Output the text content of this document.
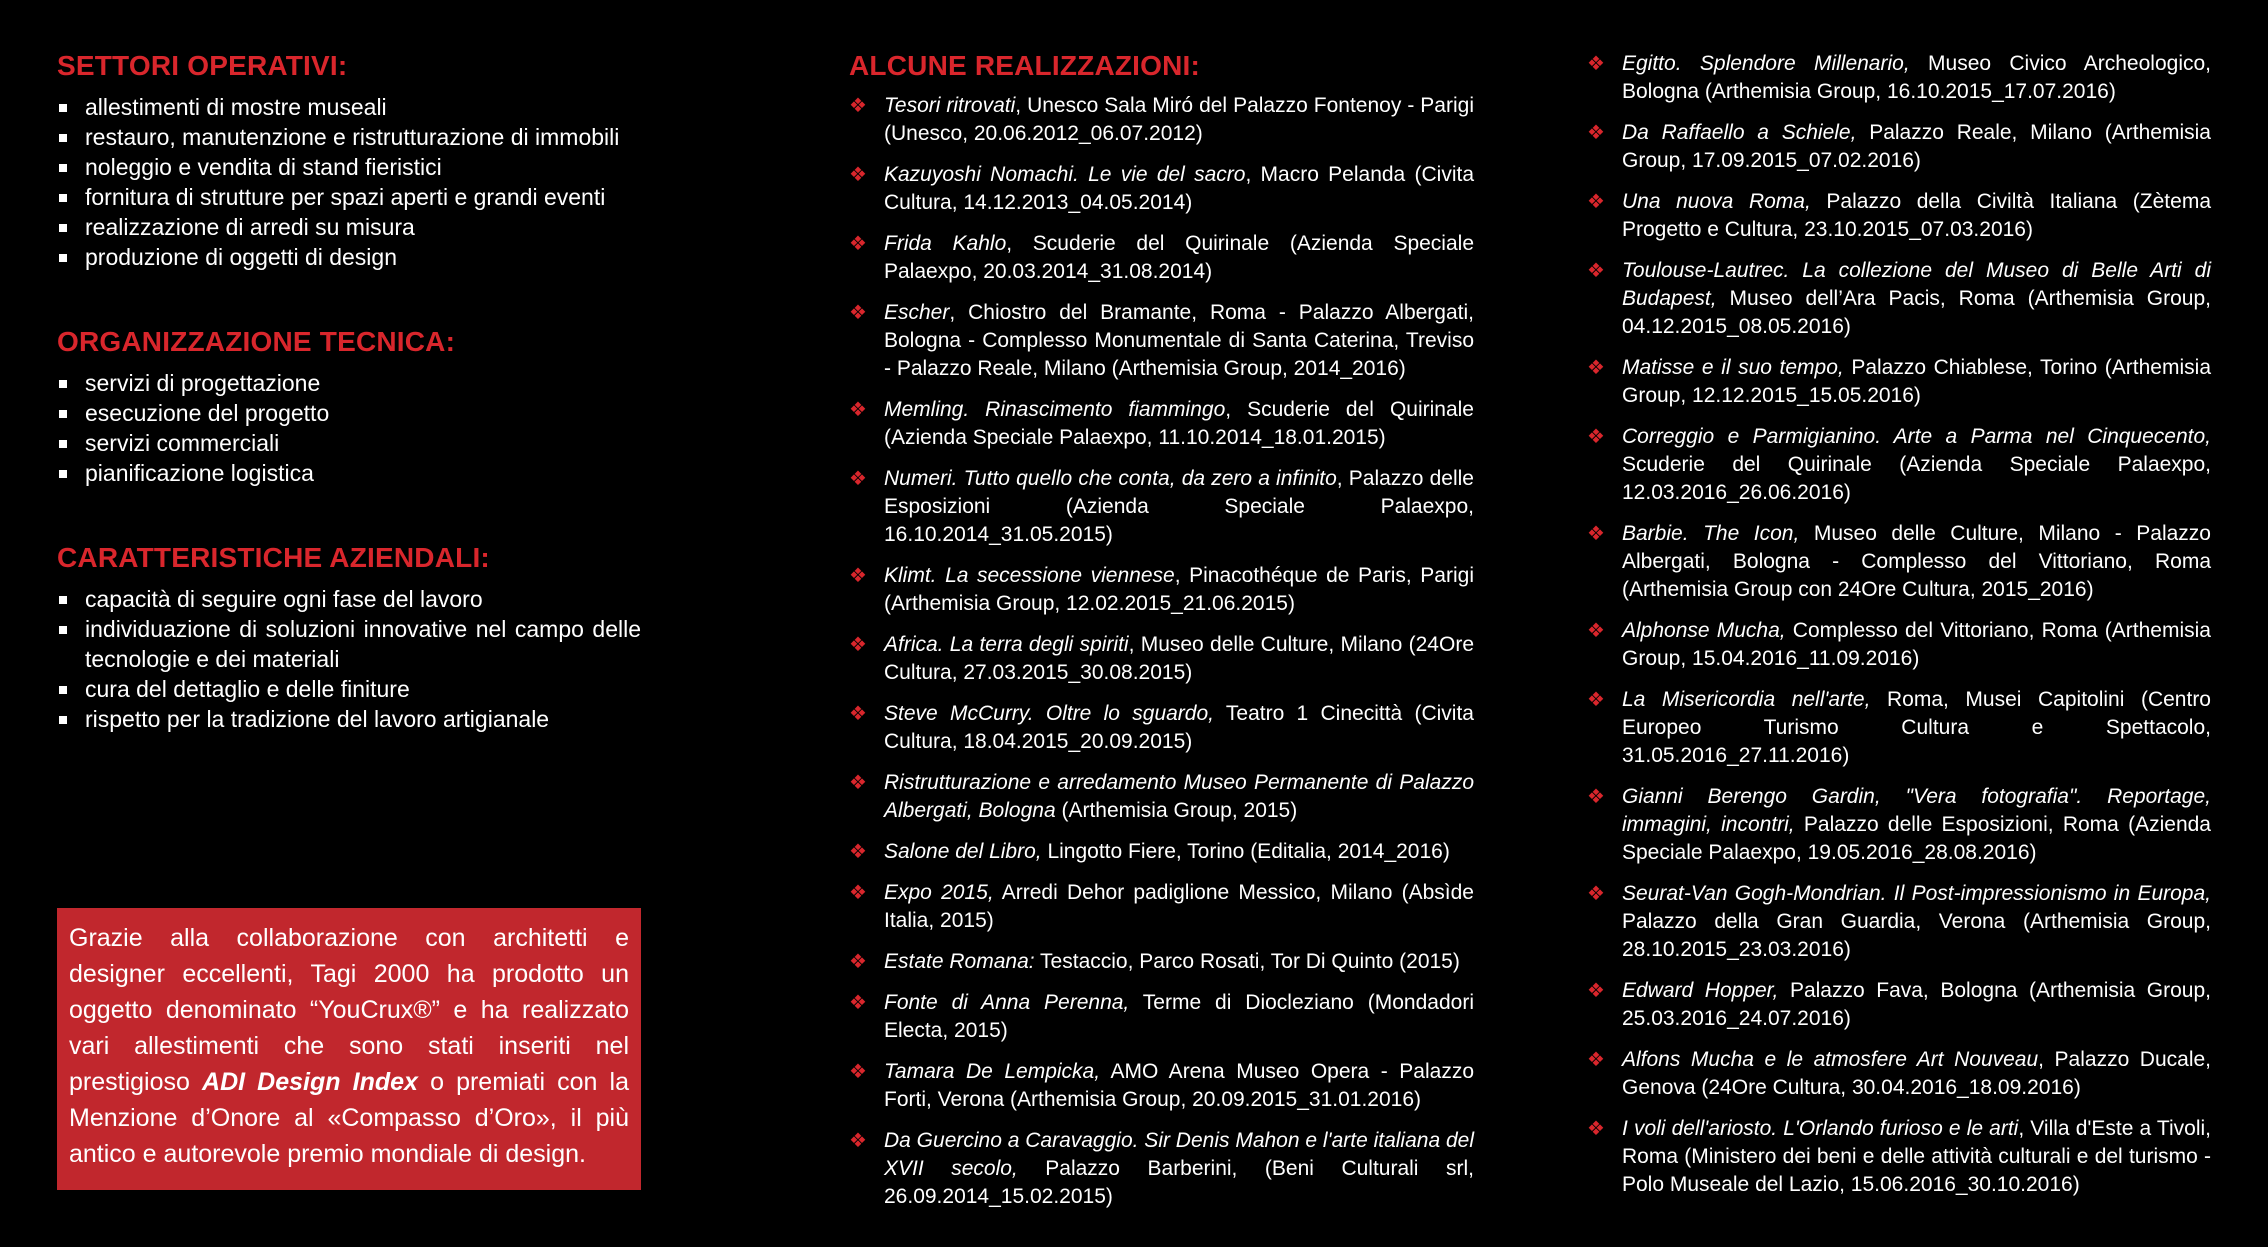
SETTORI OPERATIVI:
allestimenti di mostre museali
restauro, manutenzione e ristrutturazione di immobili
noleggio e vendita di stand fieristici
fornitura di strutture per spazi aperti e grandi eventi
realizzazione di arredi su misura
produzione di oggetti di design
ORGANIZZAZIONE TECNICA:
servizi di progettazione
esecuzione del progetto
servizi commerciali
pianificazione logistica
CARATTERISTICHE AZIENDALI:
capacità di seguire ogni fase del lavoro
individuazione di soluzioni innovative nel campo delle tecnologie e dei materiali
cura del dettaglio e delle finiture
rispetto per la tradizione del lavoro artigianale
Grazie alla collaborazione con architetti e designer eccellenti, Tagi 2000 ha prodotto un oggetto denominato “YouCrux®” e ha realizzato vari allestimenti che sono stati inseriti nel prestigioso ADI Design Index o premiati con la Menzione d’Onore al «Compasso d’Oro», il più antico e autorevole premio mondiale di design.
ALCUNE REALIZZAZIONI:
❖ Tesori ritrovati, Unesco Sala Miró del Palazzo Fontenoy - Parigi (Unesco, 20.06.2012_06.07.2012)
❖ Kazuyoshi Nomachi. Le vie del sacro, Macro Pelanda (Civita Cultura, 14.12.2013_04.05.2014)
❖ Frida Kahlo, Scuderie del Quirinale (Azienda Speciale Palaexpo, 20.03.2014_31.08.2014)
❖ Escher, Chiostro del Bramante, Roma - Palazzo Albergati, Bologna - Complesso Monumentale di Santa Caterina, Treviso - Palazzo Reale, Milano (Arthemisia Group, 2014_2016)
❖ Memling. Rinascimento fiammingo, Scuderie del Quirinale (Azienda Speciale Palaexpo, 11.10.2014_18.01.2015)
❖ Numeri. Tutto quello che conta, da zero a infinito, Palazzo delle Esposizioni (Azienda Speciale Palaexpo, 16.10.2014_31.05.2015)
❖ Klimt. La secessione viennese, Pinacothéque de Paris, Parigi (Arthemisia Group, 12.02.2015_21.06.2015)
❖ Africa. La terra degli spiriti, Museo delle Culture, Milano (24Ore Cultura, 27.03.2015_30.08.2015)
❖ Steve McCurry. Oltre lo sguardo, Teatro 1 Cinecittà (Civita Cultura, 18.04.2015_20.09.2015)
❖ Ristrutturazione e arredamento Museo Permanente di Palazzo Albergati, Bologna (Arthemisia Group, 2015)
❖ Salone del Libro, Lingotto Fiere, Torino (Editalia, 2014_2016)
❖ Expo 2015, Arredi Dehor padiglione Messico, Milano (Absìde Italia, 2015)
❖ Estate Romana: Testaccio, Parco Rosati, Tor Di Quinto (2015)
❖ Fonte di Anna Perenna, Terme di Diocleziano (Mondadori Electa, 2015)
❖ Tamara De Lempicka, AMO Arena Museo Opera - Palazzo Forti, Verona (Arthemisia Group, 20.09.2015_31.01.2016)
❖ Da Guercino a Caravaggio. Sir Denis Mahon e l'arte italiana del XVII secolo, Palazzo Barberini, (Beni Culturali srl, 26.09.2014_15.02.2015)
❖ Egitto. Splendore Millenario, Museo Civico Archeologico, Bologna (Arthemisia Group, 16.10.2015_17.07.2016)
❖ Da Raffaello a Schiele, Palazzo Reale, Milano (Arthemisia Group, 17.09.2015_07.02.2016)
❖ Una nuova Roma, Palazzo della Civiltà Italiana (Zètema Progetto e Cultura, 23.10.2015_07.03.2016)
❖ Toulouse-Lautrec. La collezione del Museo di Belle Arti di Budapest, Museo dell’Ara Pacis, Roma (Arthemisia Group, 04.12.2015_08.05.2016)
❖ Matisse e il suo tempo, Palazzo Chiablese, Torino (Arthemisia Group, 12.12.2015_15.05.2016)
❖ Correggio e Parmigianino. Arte a Parma nel Cinquecento, Scuderie del Quirinale (Azienda Speciale Palaexpo, 12.03.2016_26.06.2016)
❖ Barbie. The Icon, Museo delle Culture, Milano - Palazzo Albergati, Bologna - Complesso del Vittoriano, Roma (Arthemisia Group con 24Ore Cultura, 2015_2016)
❖ Alphonse Mucha, Complesso del Vittoriano, Roma (Arthemisia Group, 15.04.2016_11.09.2016)
❖ La Misericordia nell'arte, Roma, Musei Capitolini (Centro Europeo Turismo Cultura e Spettacolo, 31.05.2016_27.11.2016)
❖ Gianni Berengo Gardin, "Vera fotografia". Reportage, immagini, incontri, Palazzo delle Esposizioni, Roma (Azienda Speciale Palaexpo, 19.05.2016_28.08.2016)
❖ Seurat-Van Gogh-Mondrian. Il Post-impressionismo in Europa, Palazzo della Gran Guardia, Verona (Arthemisia Group, 28.10.2015_23.03.2016)
❖ Edward Hopper, Palazzo Fava, Bologna (Arthemisia Group, 25.03.2016_24.07.2016)
❖ Alfons Mucha e le atmosfere Art Nouveau, Palazzo Ducale, Genova (24Ore Cultura, 30.04.2016_18.09.2016)
❖ I voli dell'ariosto. L'Orlando furioso e le arti, Villa d'Este a Tivoli, Roma (Ministero dei beni e delle attività culturali e del turismo - Polo Museale del Lazio, 15.06.2016_30.10.2016)
